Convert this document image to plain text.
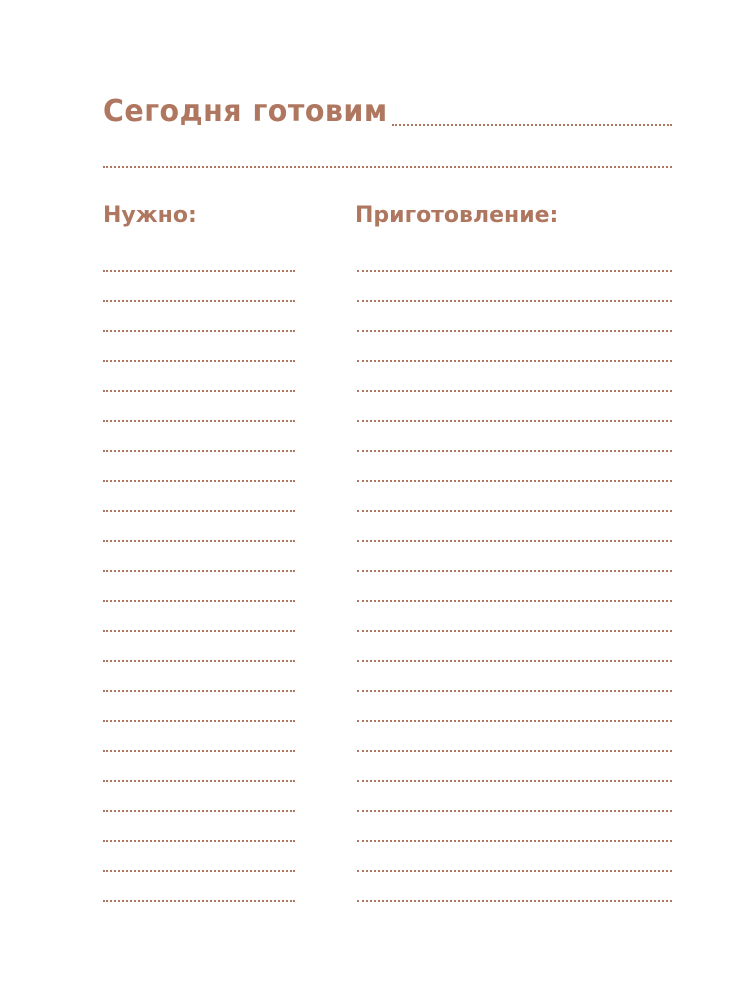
Сегодня готовим
Нужно:	Приготовление:
